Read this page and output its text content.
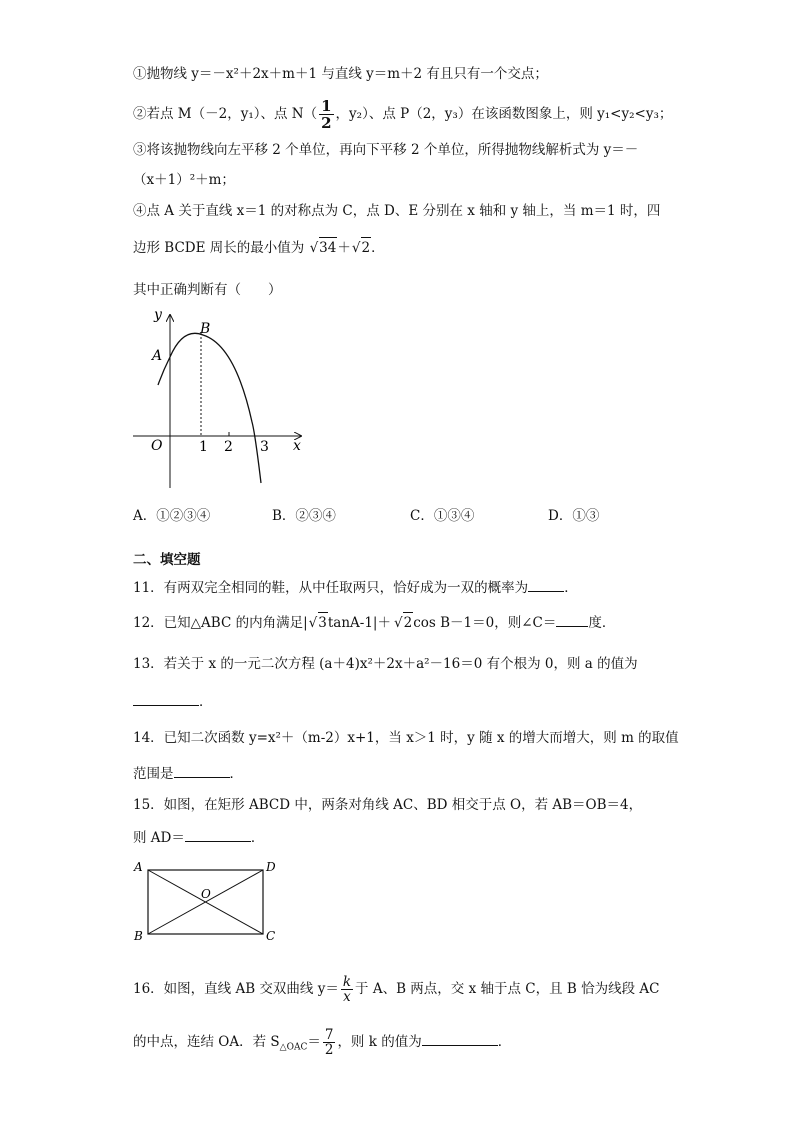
①抛物线 y＝－x²＋2x＋m＋1 与直线 y＝m＋2 有且只有一个交点；
②若点 M（－2，y₁）、点 $N( \frac{1}{2}$ ，y₂）、点 P（2，y₃）在该函数图象上，则 y₁<y₂<y₃；
③将该抛物线向左平移 2 个单位，再向下平移 2 个单位，所得抛物线解析式为 y＝－
（x＋1）²＋m；
④点 A 关于直线 x＝1 的对称点为 C，点 D、E 分别在 x 轴和 y 轴上，当 m＝1 时，四
边形 BCDE 周长的最小值为 √ 34＋ √ 2．
其中正确判断有（　　）
y
x
O
A
B
1 2 3
A．①②③④	B．②③④	C．①③④	D．①③
二、填空题
11．有两双完全相同的鞋，从中任取两只，恰好成为一双的概率为	．
12．已知△ABC 的内角满足| √ 3tanA-1|＋ √ 2cos B－1＝0，则∠C＝ 度．
13．若关于 x 的一元二次方程 (a＋4)x²＋2x＋a²－16＝0 有个根为 0，则 a 的值为
．
14．已知二次函数 y=x²＋（m-2）x+1，当 x＞1 时，y 随 x 的增大而增大，则 m 的取值
范围是	．
15．如图，在矩形 ABCD 中，两条对角线 AC、BD 相交于点 O，若 AB＝OB＝4，
则 AD＝	．
A	D
B	C
O
16．如图，直线 AB 交双曲线 $y= \frac{k}{x}$ 于 A、B 两点，交 x 轴于点 C，且 B 恰为线段 AC
的中点，连结 OA．若 $S_{\triangle OAC}= \frac{7}{2}$ ，则 k 的值为	．
